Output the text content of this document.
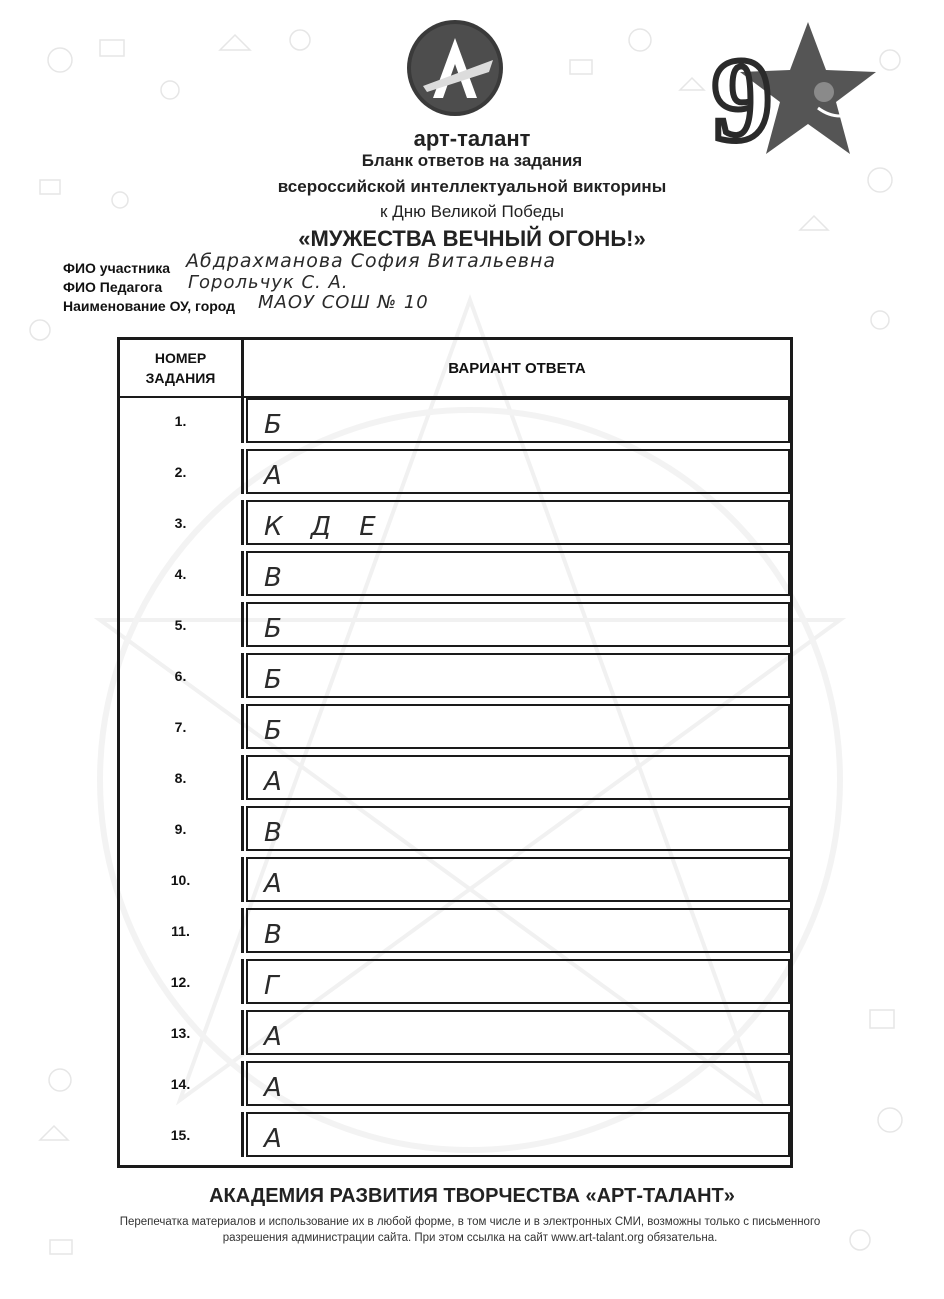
9
арт-талант
Бланк ответов на задания
всероссийской интеллектуальной викторины
к Дню Великой Победы
«МУЖЕСТВА ВЕЧНЫЙ ОГОНЬ!»
ФИО участника Абдрахманова София Витальевна
ФИО Педагога Горольчук С. А.
Наименование ОУ, город МАОУ СОШ № 10
НОМЕР ЗАДАНИЯ
ВАРИАНТ ОТВЕТА
1.	Б
2.	А
3.	К Д Е
4.	В
5.	Б
6.	Б
7.	Б
8.	А
9.	В
10.	А
11.	В
12.	Г
13.	А
14.	А
15.	А
АКАДЕМИЯ РАЗВИТИЯ ТВОРЧЕСТВА «АРТ-ТАЛАНТ»
Перепечатка материалов и использование их в любой форме, в том числе и в электронных СМИ, возможны только с письменного разрешения администрации сайта. При этом ссылка на сайт www.art-talant.org обязательна.
